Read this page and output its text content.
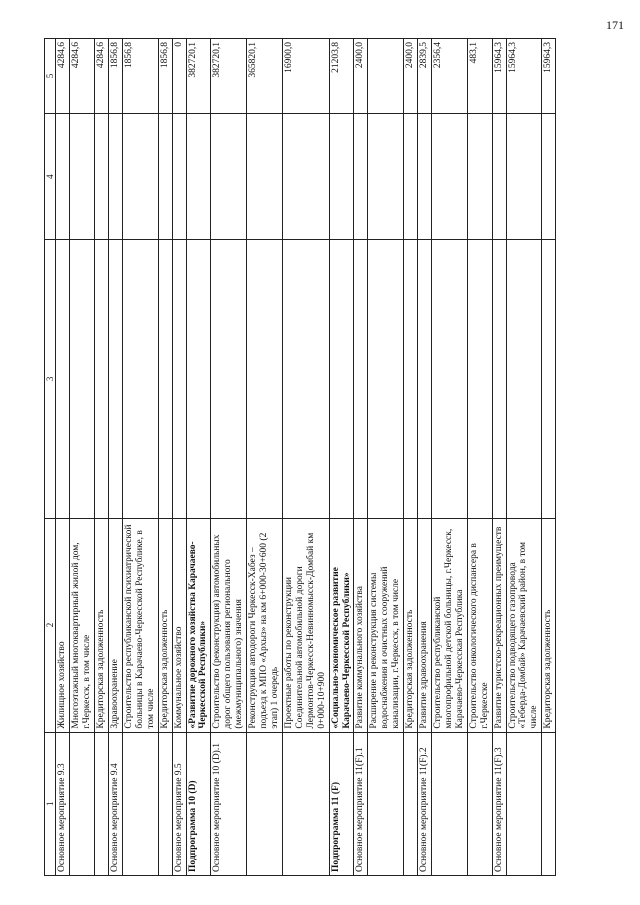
171
1	2	3	4	5
Основное мероприятие 9.3	Жилищное хозяйство			4284,6
	Многоэтажный многоквартирный жилой дом, г.Черкесск, в том числе			4284,6
	Кредиторская задолженность			4284,6
Основное мероприятие 9.4	Здравоохранение			1856,8
	Строительство республиканской психиатрической больницы в Карачаево-Черкесской Республике, в том числе			1856,8
	Кредиторская задолженность			1856,8
Основное мероприятие 9.5	Коммунальное хозяйство			0
Подпрограмма 10 (D)	«Развитие дорожного хозяйства Карачаево-Черкесской Республики»			382720,1
Основное мероприятие 10 (D).1	Строительство (реконструкция) автомобильных дорог общего пользования регионального (межмуниципального) значения			382720,1
	Реконструкция автодороги Черкесск-Хабез – подъезд к МПО «Архыз» на км 6+000-30+600 (2 этап) 1 очередь			365820,1
	Проектные работы по реконструкции Соединительной автомобильной дороги Лермонтов-Черкесск-Невинномысск-Домбай км 0+000-10+900			16900,0
Подпрограмма 11 (F)	«Социально-экономическое развитие Карачаево-Черкесской Республики»			21203,8
Основное мероприятие 11(F).1	Развитие коммунального хозяйства			2400,0
	Расширение и реконструкция системы водоснабжения и очистных сооружений канализации, г.Черкесск, в том числе			
	Кредиторская задолженность			2400,0
Основное мероприятие 11(F).2	Развитие здравоохранения			2839,5
	Строительство республиканской многопрофильной детской больницы, г.Черкесск, Карачаево-Черкесская Республика			2356,4
	Строительство онкологического диспансера в г.Черкесске			483,1
Основное мероприятие 11(F).3	Развитие туристско-рекреационных преимуществ			15964,3
	Строительство подводящего газопровода «Теберда-Домбай» Карачаевский район, в том числе			15964,3
	Кредиторская задолженность			15964,3
